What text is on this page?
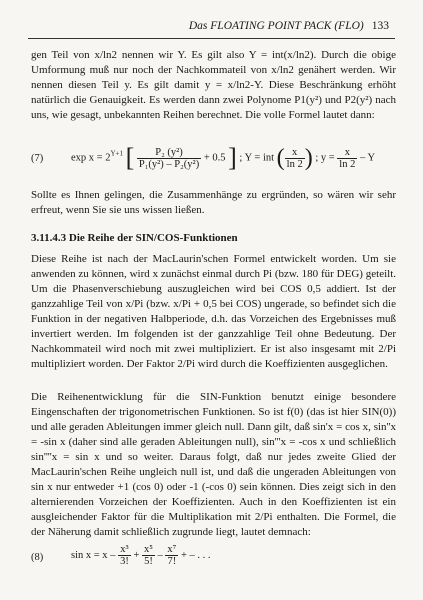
Das FLOATING POINT PACK (FLO) 133

gen Teil von x/ln2 nennen wir Y. Es gilt also Y = int(x/ln2). Durch die obige Umformung muß nur noch der Nachkommateil von x/ln2 genähert werden. Wir nennen diesen Teil y. Es gilt damit y = x/ln2-Y. Diese Beschränkung erhöht natürlich die Genauigkeit. Es werden dann zwei Polynome P1(y²) und P2(y²) nach uns, wie gesagt, unbekannten Reihen berechnet. Die volle Formel lautet dann:

(7)	$\exp x = 2^{Y+1}$ [ $\frac{\text{P₂ (y²)}}{\text{P₁(y²) – P₂(y²)}} + 0.5$ ] ; Y = int ( $\frac{x}{\ln 2}$ ) ; $y = \frac{x}{\ln 2} - Y$

Sollte es Ihnen gelingen, die Zusammenhänge zu ergründen, so wären wir sehr erfreut, wenn Sie sie uns wissen ließen.

3.11.4.3 Die Reihe der SIN/COS-Funktionen

Diese Reihe ist nach der MacLaurin'schen Formel entwickelt worden. Um sie anwenden zu können, wird x zunächst einmal durch Pi (bzw. 180 für DEG) geteilt. Um die Phasenverschiebung auszugleichen wird bei COS 0,5 addiert. Ist der ganzzahlige Teil von x/Pi (bzw. x/Pi + 0,5 bei COS) ungerade, so befindet sich die Funktion in der negativen Halbperiode, d.h. das Vorzeichen des Ergebnisses muß invertiert werden. Im folgenden ist der ganzzahlige Teil ohne Bedeutung. Der Nachkommateil wird noch mit zwei multipliziert. Er ist also insgesamt mit 2/Pi multipliziert worden. Der Faktor 2/Pi wird durch die Koeffizienten ausgeglichen.

Die Reihenentwicklung für die SIN-Funktion benutzt einige besondere Eingenschaften der trigonometrischen Funktionen. So ist f(0) (das ist hier SIN(0)) und alle geraden Ableitungen immer gleich null. Dann gilt, daß sin'x = cos x, sin''x = -sin x (daher sind alle geraden Ableitungen null), sin'''x = -cos x und schließlich sin''''x = sin x und so weiter. Daraus folgt, daß nur jedes zweite Glied der MacLaurin'schen Reihe ungleich null ist, und daß die ungeraden Ableitungen von sin x nur entweder +1 (cos 0) oder -1 (-cos 0) sein können. Dies zeigt sich in den alternierenden Vorzeichen der Koeffizienten. Auch in den Koeffizienten ist ein ausgleichender Faktor für die Multiplikation mit 2/Pi enthalten. Die Formel, die der Näherung damit schließlich zugrunde liegt, lautet demnach:

(8)	$\sin x = x - \frac{\text{x³}}{3!} + \frac{\text{x⁵}}{5!} - \frac{\text{x⁷}}{7!}$ + – . . .
